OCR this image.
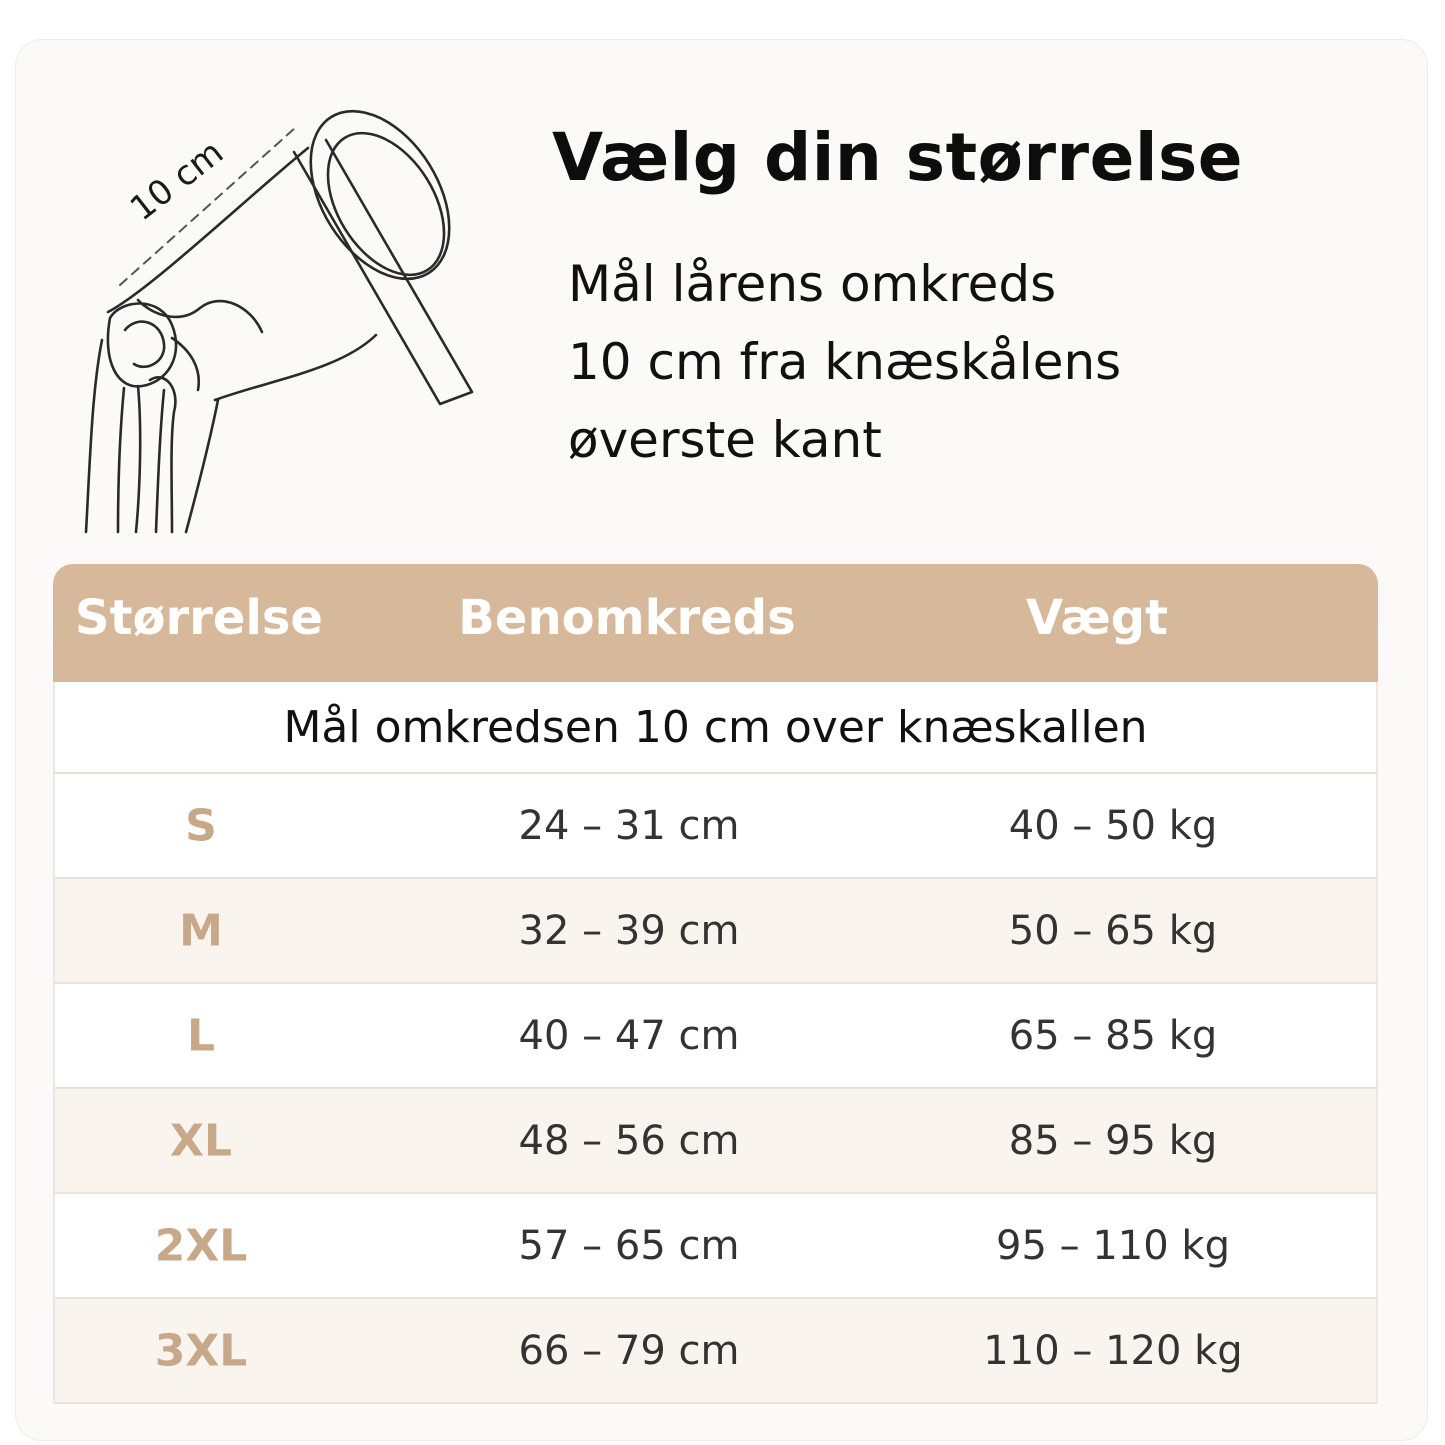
10 cm	Vælg din størrelse

Mål lårens omkreds
10 cm fra knæskålens
øverste kant

Størrelse	Benomkreds	Vægt
Mål omkredsen 10 cm over knæskallen
S	24 – 31 cm	40 – 50 kg
M	32 – 39 cm	50 – 65 kg
L	40 – 47 cm	65 – 85 kg
XL	48 – 56 cm	85 – 95 kg
2XL	57 – 65 cm	95 – 110 kg
3XL	66 – 79 cm	110 – 120 kg
